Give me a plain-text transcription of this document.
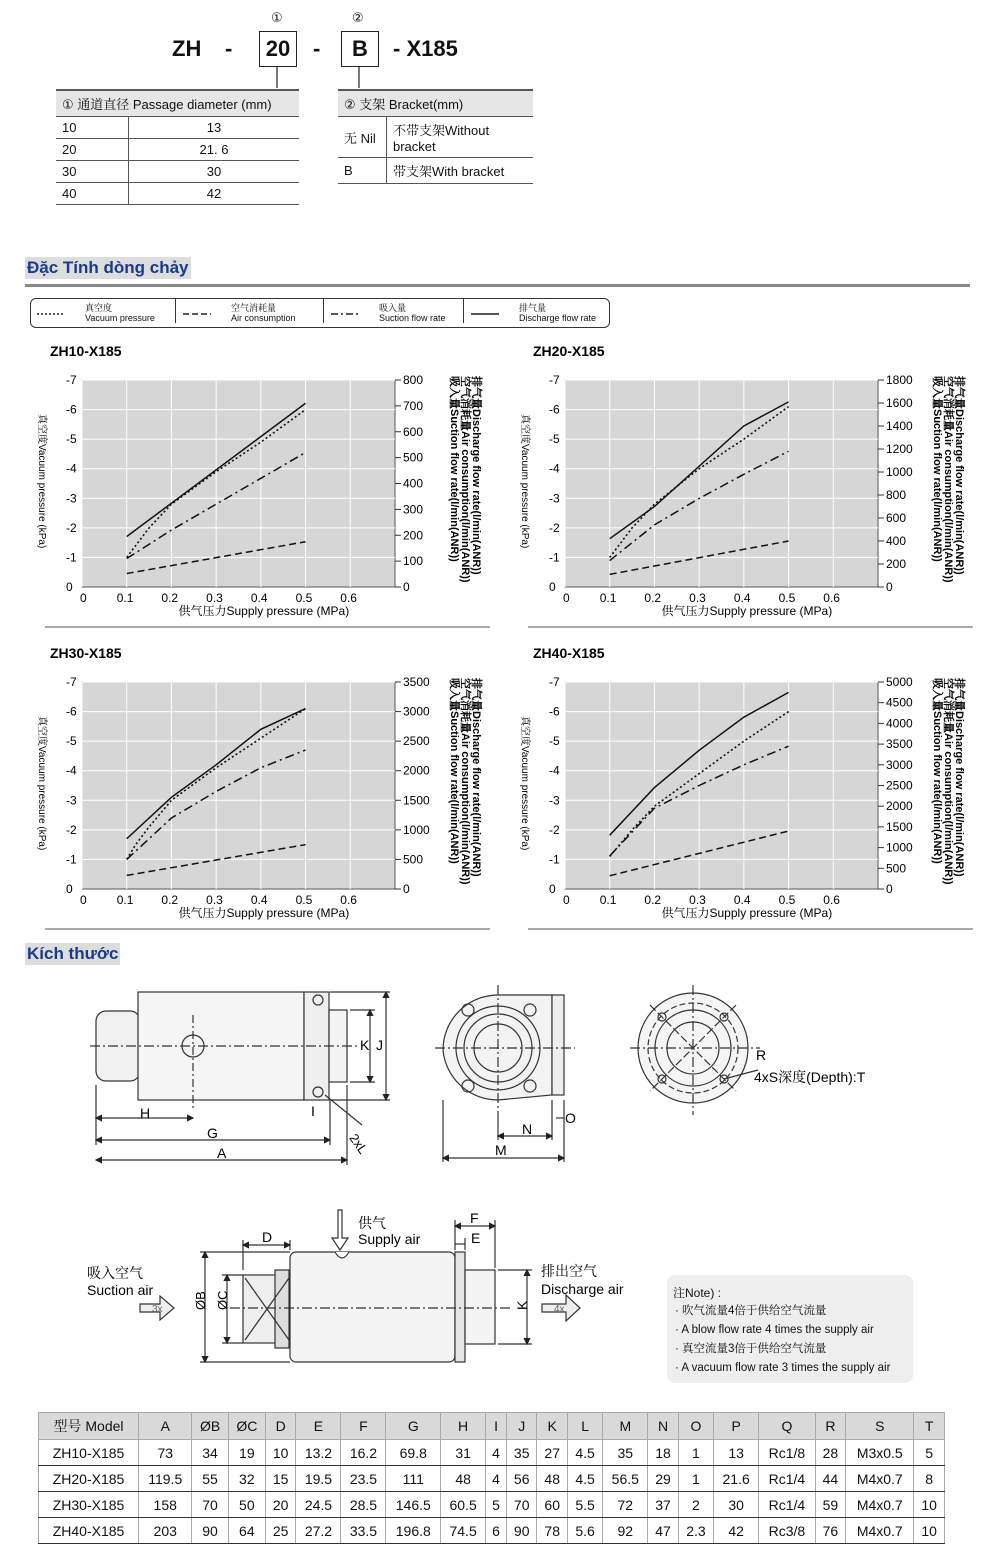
ZH -
①
20	-
②
B	- X185
① 通道直径 Passage diameter (mm)	
10	13
20	21. 6
30	30
40	42
② 支架 Bracket(mm)	
无 Nil	不带支架Without bracket
B	带支架With bracket
Đặc Tính dòng chảy
真空度
Vacuum pressure
空气消耗量
Air consumption
吸入量
Suction flow rate
排气量
Discharge flow rate
ZH10-X185
0	0.1 0.2 0.3 0.4 0.5 0.6
0
-1
-2
-3
-4
-5
-6
-7
0
100
200
300
400
500
600
700
800
供气压力Supply pressure (MPa)
真空度Vacuum pressure (kPa)	排气量Discharge flow rate(l/min(ANR))
空气消耗量Air consumption(l/min(ANR))
吸入量Suction flow rate(l/min(ANR))
ZH20-X185
0	0.1 0.2 0.3 0.4 0.5 0.6
0
-1
-2
-3
-4
-5
-6
-7
0
200
400
600
800
1000
1200
1400
1600
1800
供气压力Supply pressure (MPa)
真空度Vacuum pressure (kPa)	排气量Discharge flow rate(l/min(ANR))
空气消耗量Air consumption(l/min(ANR))
吸入量Suction flow rate(l/min(ANR))
ZH30-X185
0	0.1 0.2 0.3 0.4 0.5 0.6
0
-1
-2
-3
-4
-5
-6
-7
0
500
1000
1500
2000
2500
3000
3500
供气压力Supply pressure (MPa)
真空度Vacuum pressure (kPa)	排气量Discharge flow rate(l/min(ANR))
空气消耗量Air consumption(l/min(ANR))
吸入量Suction flow rate(l/min(ANR))
ZH40-X185
0	0.1 0.2 0.3 0.4 0.5 0.6
0
-1
-2
-3
-4
-5
-6
-7
0
500
1000
1500
2000
2500
3000
3500
4000
4500
5000
供气压力Supply pressure (MPa)
真空度Vacuum pressure (kPa)	排气量Discharge flow rate(l/min(ANR))
空气消耗量Air consumption(l/min(ANR))
吸入量Suction flow rate(l/min(ANR))
Kích thước
H
G
A
K J
I
2xL
N
O
M
R
4xS深度(Depth):T
D
F
E
ØB ØC	K
供气
Supply air
吸入空气
Suction air
排出空气
Discharge air
3x	4x
注Note) :
· 吹气流量4倍于供给空气流量
· A blow flow rate 4 times the supply air
· 真空流量3倍于供给空气流量
· A vacuum flow rate 3 times the supply air
型号 Model	A	ØB	ØC	D	E	F	G	H	I	J	K	L	M	N	O	P	Q	R	S	T
ZH10-X185	73	34	19	10	13.2	16.2	69.8	31	4	35	27	4.5	35	18	1	13	Rc1/8	28	M3x0.5	5
ZH20-X185	119.5	55	32	15	19.5	23.5	111	48	4	56	48	4.5	56.5	29	1	21.6	Rc1/4	44	M4x0.7	8
ZH30-X185	158	70	50	20	24.5	28.5	146.5	60.5	5	70	60	5.5	72	37	2	30	Rc1/4	59	M4x0.7	10
ZH40-X185	203	90	64	25	27.2	33.5	196.8	74.5	6	90	78	5.6	92	47	2.3	42	Rc3/8	76	M4x0.7	10
